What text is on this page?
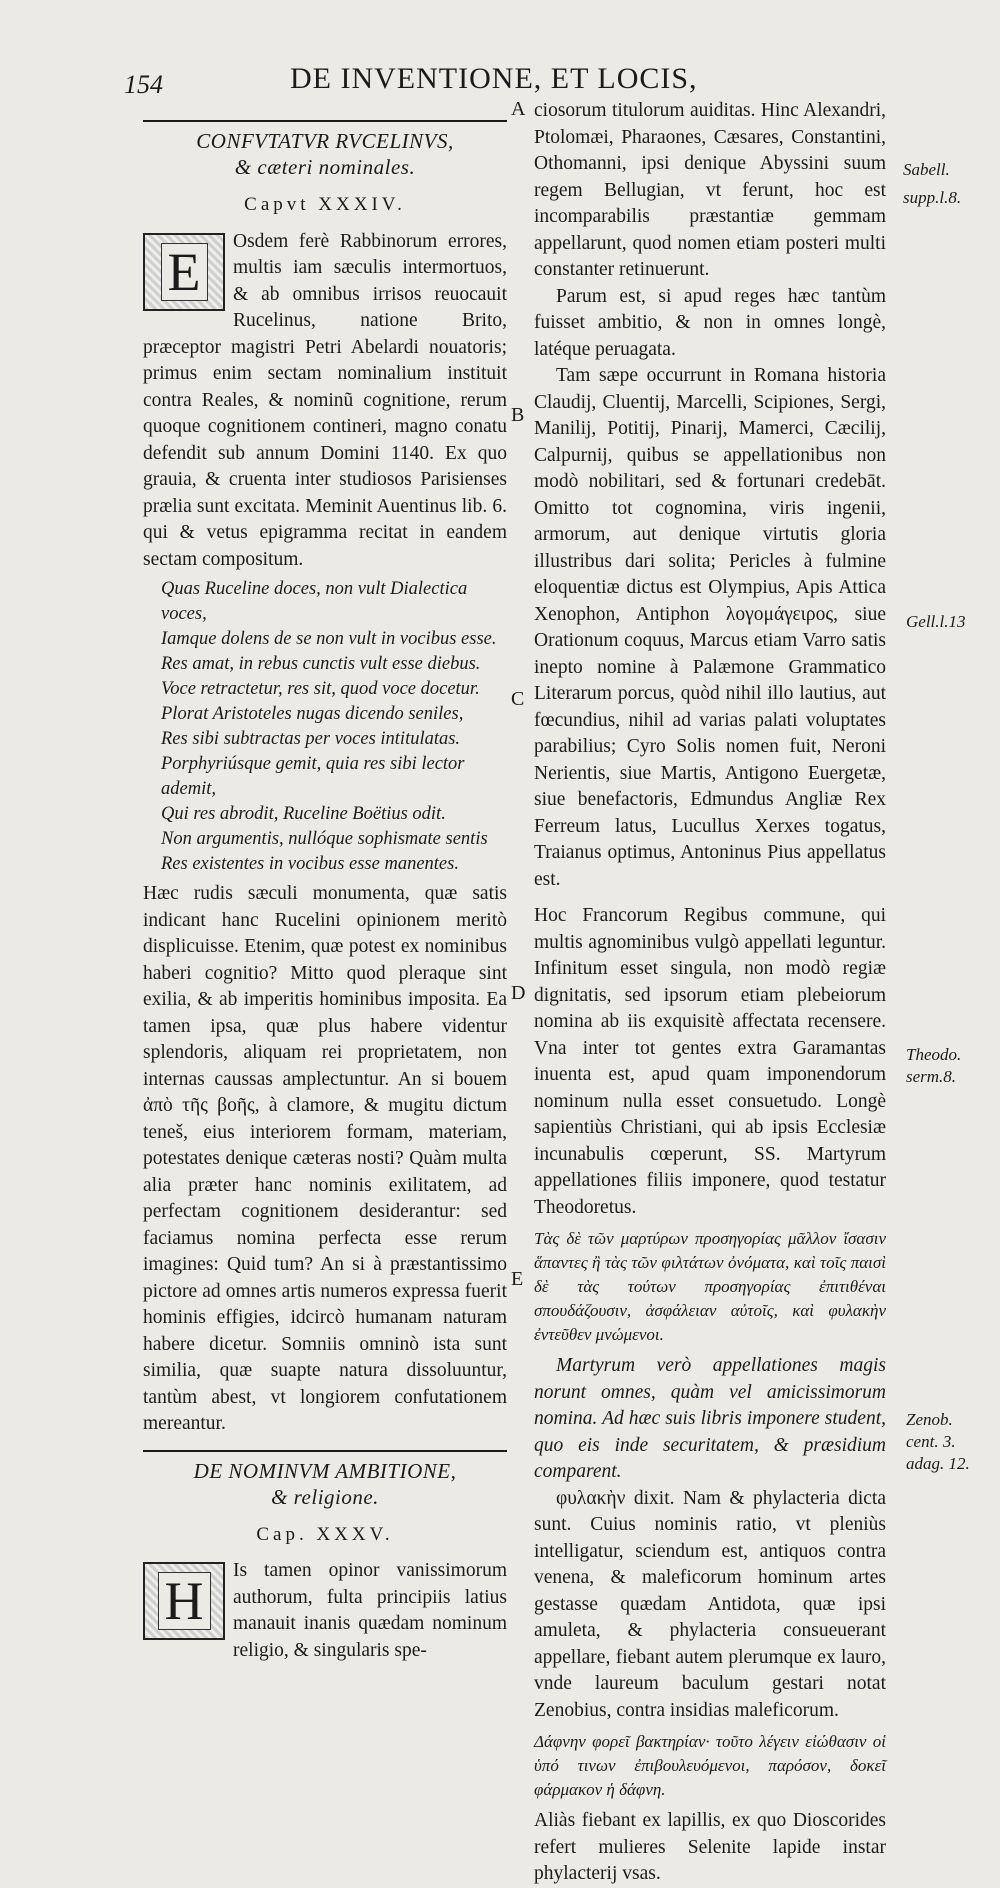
154	DE INVENTIONE, ET LOCIS,
CONFVTATVR RVCELINVS,
& cæteri nominales.
Capvt XXXIV.
E

Osdem ferè Rabbinorum errores, multis iam sæculis intermortuos, & ab omnibus irrisos reuocauit Rucelinus, natione Brito, præceptor magistri Petri Abelardi nouatoris; primus enim sectam nominalium instituit contra Reales, & nominũ cognitione, rerum quoque cognitionem contineri, magno conatu defendit sub annum Domini 1140. Ex quo grauia, & cruenta inter studiosos Parisienses prælia sunt excitata. Meminit Auentinus lib. 6. qui & vetus epigramma recitat in eandem sectam compositum.

Quas Ruceline doces, non vult Dialectica voces,
Iamque dolens de se non vult in vocibus esse.
Res amat, in rebus cunctis vult esse diebus.
Voce retractetur, res sit, quod voce docetur.
Plorat Aristoteles nugas dicendo seniles,
Res sibi subtractas per voces intitulatas.
Porphyriúsque gemit, quia res sibi lector ademit,
Qui res abrodit, Ruceline Boëtius odit.
Non argumentis, nullóque sophismate sentis
Res existentes in vocibus esse manentes.

Hæc rudis sæculi monumenta, quæ satis indicant hanc Rucelini opinionem meritò displicuisse. Etenim, quæ potest ex nominibus haberi cognitio? Mitto quod pleraque sint exilia, & ab imperitis hominibus imposita. Ea tamen ipsa, quæ plus habere videntur splendoris, aliquam rei proprietatem, non internas caussas amplectuntur. An si bouem ἀπὸ τῆς βοῆς, à clamore, & mugitu dictum teneš, eius interiorem formam, materiam, potestates denique cæteras nosti? Quàm multa alia præter hanc nominis exilitatem, ad perfectam cognitionem desiderantur: sed faciamus nomina perfecta esse rerum imagines: Quid tum? An si à præstantissimo pictore ad omnes artis numeros expressa fuerit hominis effigies, idcircò humanam naturam habere dicetur. Somniis omninò ista sunt similia, quæ suapte natura dissoluuntur, tantùm abest, vt longiorem confutationem mereantur.

DE NOMINVM AMBITIONE,
& religione.
Cap. XXXV.
H

Is tamen opinor vanissimorum authorum, fulta principiis latius manauit inanis quædam nominum religio, & singularis spe-

A
B
C
D
E

ciosorum titulorum auiditas. Hinc Alexandri, Ptolomæi, Pharaones, Cæsares, Constantini, Othomanni, ipsi denique Abyssini suum regem Bellugian, vt ferunt, hoc est incomparabilis præstantiæ gemmam appellarunt, quod nomen etiam posteri multi constanter retinuerunt.

Parum est, si apud reges hæc tantùm fuisset ambitio, & non in omnes longè, latéque peruagata.

Tam sæpe occurrunt in Romana historia Claudij, Cluentij, Marcelli, Scipiones, Sergi, Manilij, Potitij, Pinarij, Mamerci, Cæcilij, Calpurnij, quibus se appellationibus non modò nobilitari, sed & fortunari credebāt. Omitto tot cognomina, viris ingenii, armorum, aut denique virtutis gloria illustribus dari solita; Pericles à fulmine eloquentiæ dictus est Olympius, Apis Attica Xenophon, Antiphon λογομάγειρος, siue Orationum coquus, Marcus etiam Varro satis inepto nomine à Palæmone Grammatico Literarum porcus, quòd nihil illo lautius, aut fœcundius, nihil ad varias palati voluptates parabilius; Cyro Solis nomen fuit, Neroni Nerientis, siue Martis, Antigono Euergetæ, siue benefactoris, Edmundus Angliæ Rex Ferreum latus, Lucullus Xerxes togatus, Traianus optimus, Antoninus Pius appellatus est.

Hoc Francorum Regibus commune, qui multis agnominibus vulgò appellati leguntur. Infinitum esset singula, non modò regiæ dignitatis, sed ipsorum etiam plebeiorum nomina ab iis exquisitè affectata recensere. Vna inter tot gentes extra Garamantas inuenta est, apud quam imponendorum nominum nulla esset consuetudo. Longè sapientiùs Christiani, qui ab ipsis Ecclesiæ incunabulis cœperunt, SS. Martyrum appellationes filiis imponere, quod testatur Theodoretus.

Τὰς δὲ τῶν μαρτύρων προσηγορίας μᾶλλον ἴσασιν ἅπαντες ἢ τὰς τῶν φιλτάτων ὀνόματα, καὶ τοῖς παισὶ δὲ τὰς τούτων προσηγορίας ἐπιτιθέναι σπουδάζουσιν, ἀσφάλειαν αὐτοῖς, καὶ φυλακὴν ἐντεῦθεν μνώμενοι.

Martyrum verò appellationes magis norunt omnes, quàm vel amicissimorum nomina. Ad hæc suis libris imponere student, quo eis inde securitatem, & præsidium comparent.

φυλακὴν dixit. Nam & phylacteria dicta sunt. Cuius nominis ratio, vt pleniùs intelligatur, sciendum est, antiquos contra venena, & maleficorum hominum artes gestasse quædam Antidota, quæ ipsi amuleta, & phylacteria consueuerant appellare, fiebant autem plerumque ex lauro, vnde laureum baculum gestari notat Zenobius, contra insidias maleficorum.

Δάφνην φορεῖ βακτηρίαν· τοῦτο λέγειν εἰώθασιν οἱ ὑπό τινων ἐπιβουλευόμενοι, παρόσον, δοκεῖ φάρμακον ἡ δάφνη.

Aliàs fiebant ex lapillis, ex quo Dioscorides refert mulieres Selenite lapide instar phylacterij vsas.

Sabell.
supp.l.8.
Gell.l.13
Theodo.
serm.8.
Zenob.
cent. 3.
adag. 12.
